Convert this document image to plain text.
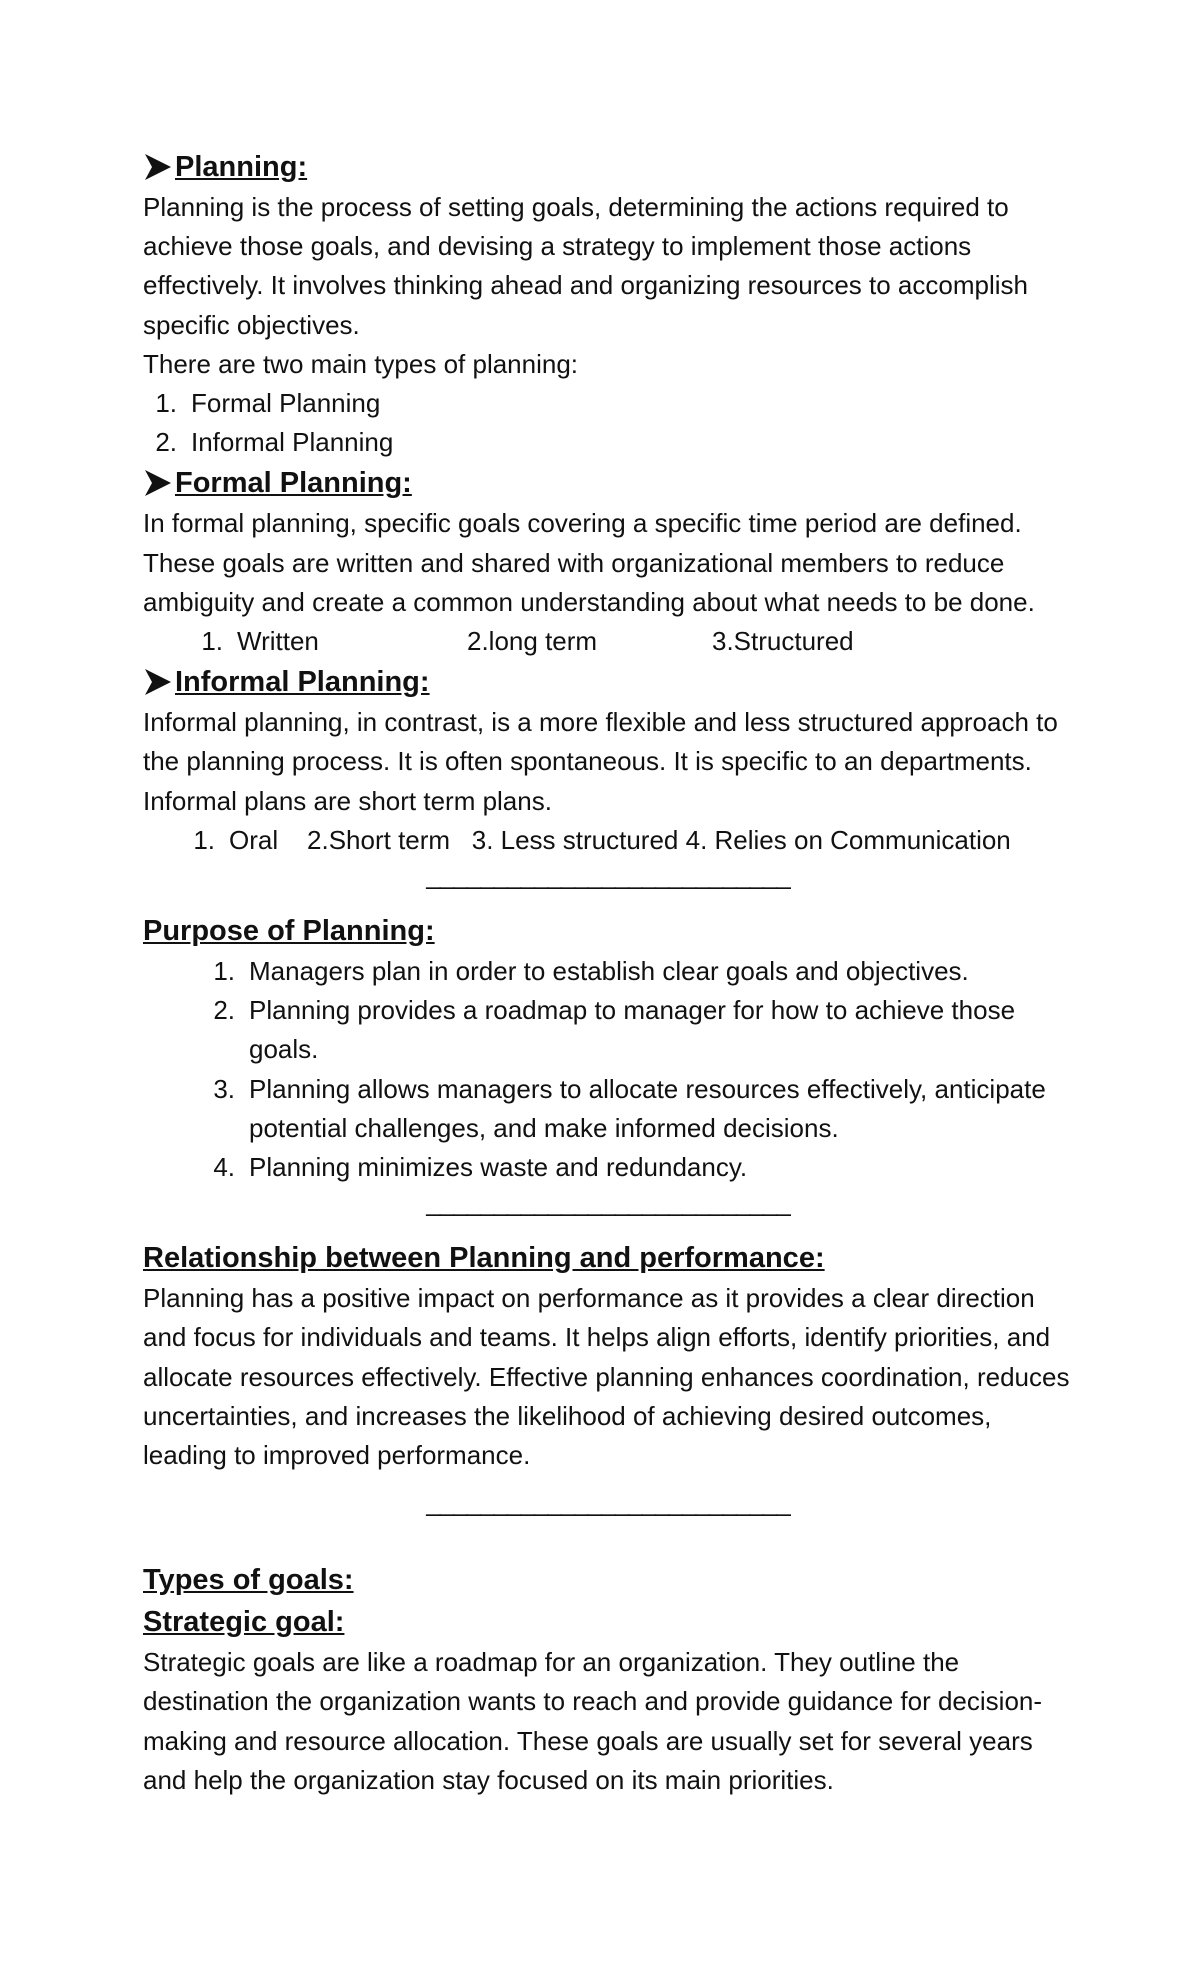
Planning:

Planning is the process of setting goals, determining the actions required to achieve those goals, and devising a strategy to implement those actions effectively. It involves thinking ahead and organizing resources to accomplish specific objectives.

There are two main types of planning:

1. Formal Planning
2. Informal Planning
Formal Planning:

In formal planning, specific goals covering a specific time period are defined. These goals are written and shared with organizational members to reduce ambiguity and create a common understanding about what needs to be done.

1. Written	2.long term	3.Structured
Informal Planning:

Informal planning, in contrast, is a more flexible and less structured approach to the planning process. It is often spontaneous. It is specific to an departments. Informal plans are short term plans.

1. Oral    2.Short term   3. Less structured 4. Relies on Communication
___________________________
Purpose of Planning:
1. Managers plan in order to establish clear goals and objectives.
2. Planning provides a roadmap to manager for how to achieve those goals.
3. Planning allows managers to allocate resources effectively, anticipate potential challenges, and make informed decisions.
4. Planning minimizes waste and redundancy.
___________________________
Relationship between Planning and performance:

Planning has a positive impact on performance as it provides a clear direction and focus for individuals and teams. It helps align efforts, identify priorities, and allocate resources effectively. Effective planning enhances coordination, reduces uncertainties, and increases the likelihood of achieving desired outcomes, leading to improved performance.

___________________________
Types of goals:
Strategic goal:

Strategic goals are like a roadmap for an organization. They outline the destination the organization wants to reach and provide guidance for decision-making and resource allocation. These goals are usually set for several years and help the organization stay focused on its main priorities.
